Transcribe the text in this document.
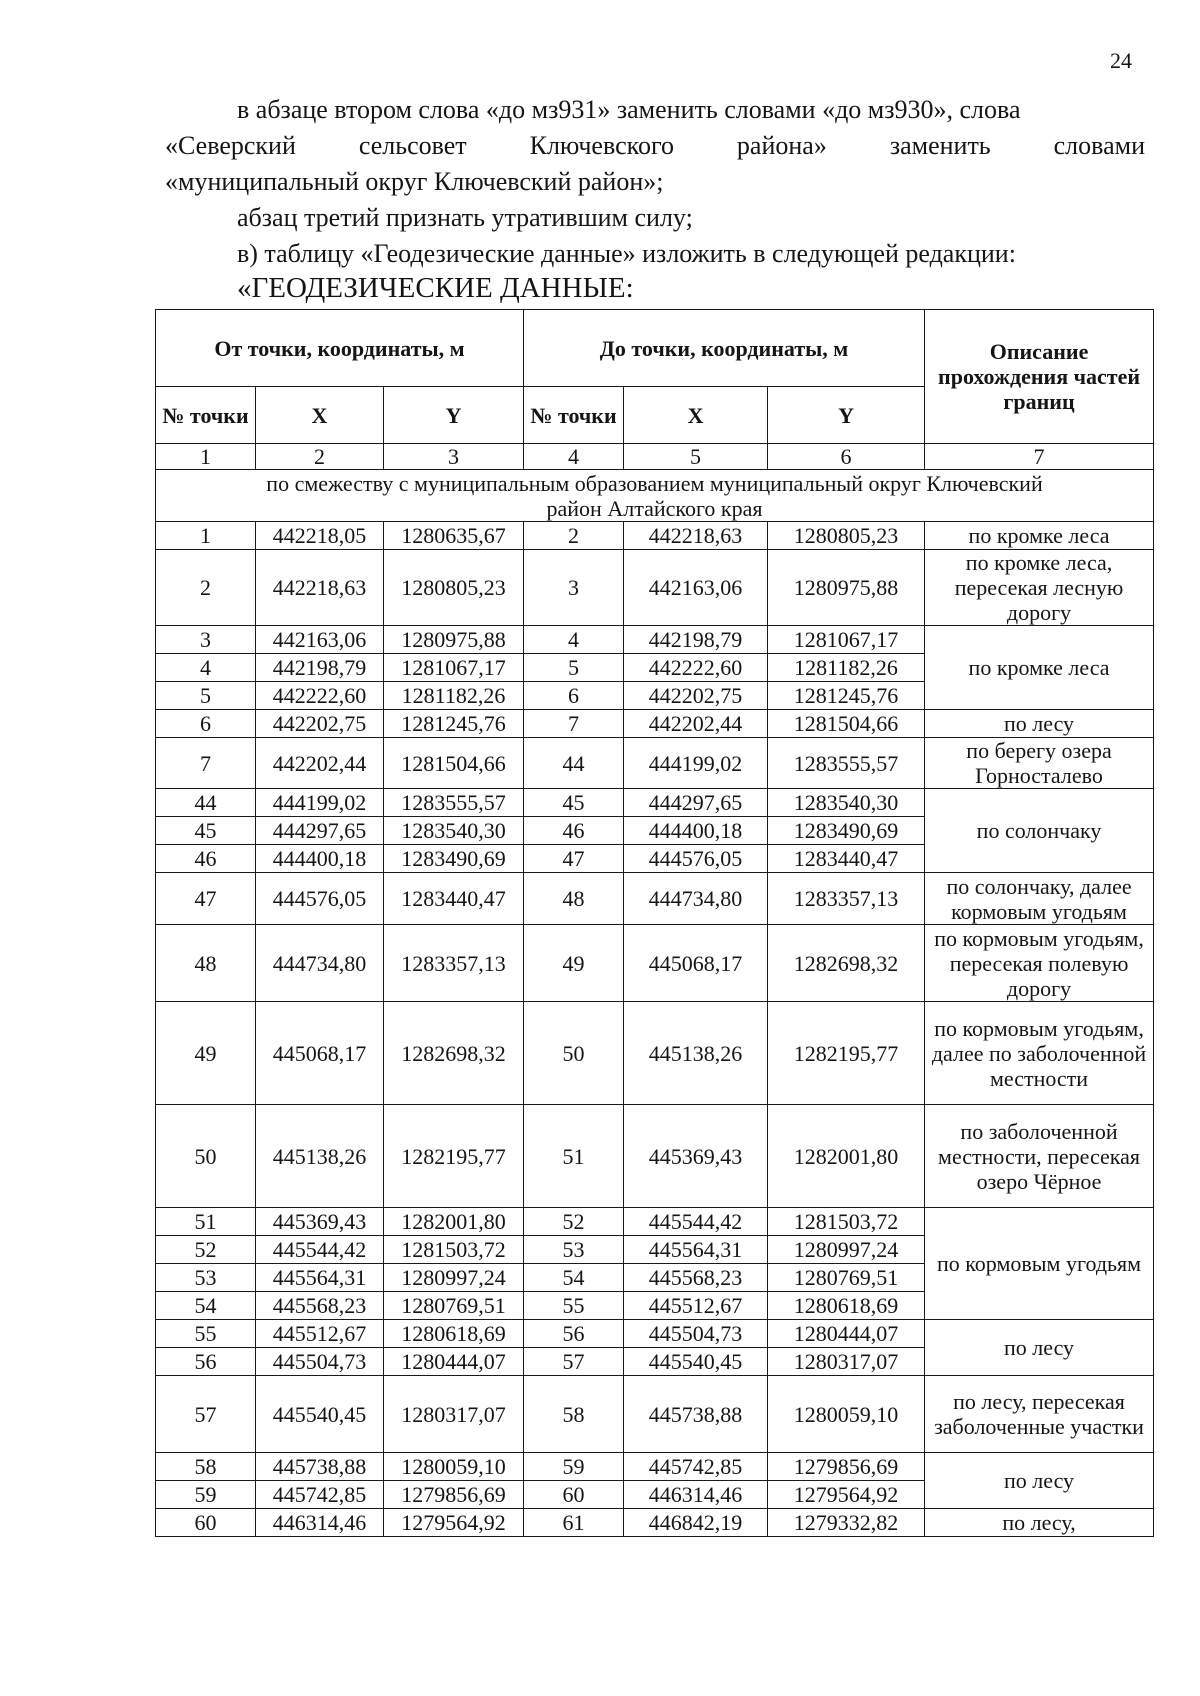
24
в абзаце втором слова «до мз931» заменить словами «до мз930», слова
«Северский сельсовет Ключевского района» заменить словами
«муниципальный округ Ключевский район»;
абзац третий признать утратившим силу;
в) таблицу «Геодезические данные» изложить в следующей редакции:
«ГЕОДЕЗИЧЕСКИЕ ДАННЫЕ:
От точки, координаты, м			До точки, координаты, м			Описание прохождения частей границ
№ точки	X	Y	№ точки	X	Y	
1	2	3	4	5	6	7
по смежеству с муниципальным образованием муниципальный округ Ключевский район Алтайского края						
1	442218,05	1280635,67	2	442218,63	1280805,23	по кромке леса
2	442218,63	1280805,23	3	442163,06	1280975,88	по кромке леса, пересекая лесную дорогу
3	442163,06	1280975,88	4	442198,79	1281067,17	по кромке леса
4	442198,79	1281067,17	5	442222,60	1281182,26	
5	442222,60	1281182,26	6	442202,75	1281245,76	
6	442202,75	1281245,76	7	442202,44	1281504,66	по лесу
7	442202,44	1281504,66	44	444199,02	1283555,57	по берегу озера Горносталево
44	444199,02	1283555,57	45	444297,65	1283540,30	по солончаку
45	444297,65	1283540,30	46	444400,18	1283490,69	
46	444400,18	1283490,69	47	444576,05	1283440,47	
47	444576,05	1283440,47	48	444734,80	1283357,13	по солончаку, далее кормовым угодьям
48	444734,80	1283357,13	49	445068,17	1282698,32	по кормовым угодьям, пересекая полевую дорогу
49	445068,17	1282698,32	50	445138,26	1282195,77	по кормовым угодьям, далее по заболоченной местности
50	445138,26	1282195,77	51	445369,43	1282001,80	по заболоченной местности, пересекая озеро Чёрное
51	445369,43	1282001,80	52	445544,42	1281503,72	по кормовым угодьям
52	445544,42	1281503,72	53	445564,31	1280997,24	
53	445564,31	1280997,24	54	445568,23	1280769,51	
54	445568,23	1280769,51	55	445512,67	1280618,69	
55	445512,67	1280618,69	56	445504,73	1280444,07	по лесу
56	445504,73	1280444,07	57	445540,45	1280317,07	
57	445540,45	1280317,07	58	445738,88	1280059,10	по лесу, пересекая заболоченные участки
58	445738,88	1280059,10	59	445742,85	1279856,69	по лесу
59	445742,85	1279856,69	60	446314,46	1279564,92	
60	446314,46	1279564,92	61	446842,19	1279332,82	по лесу,
